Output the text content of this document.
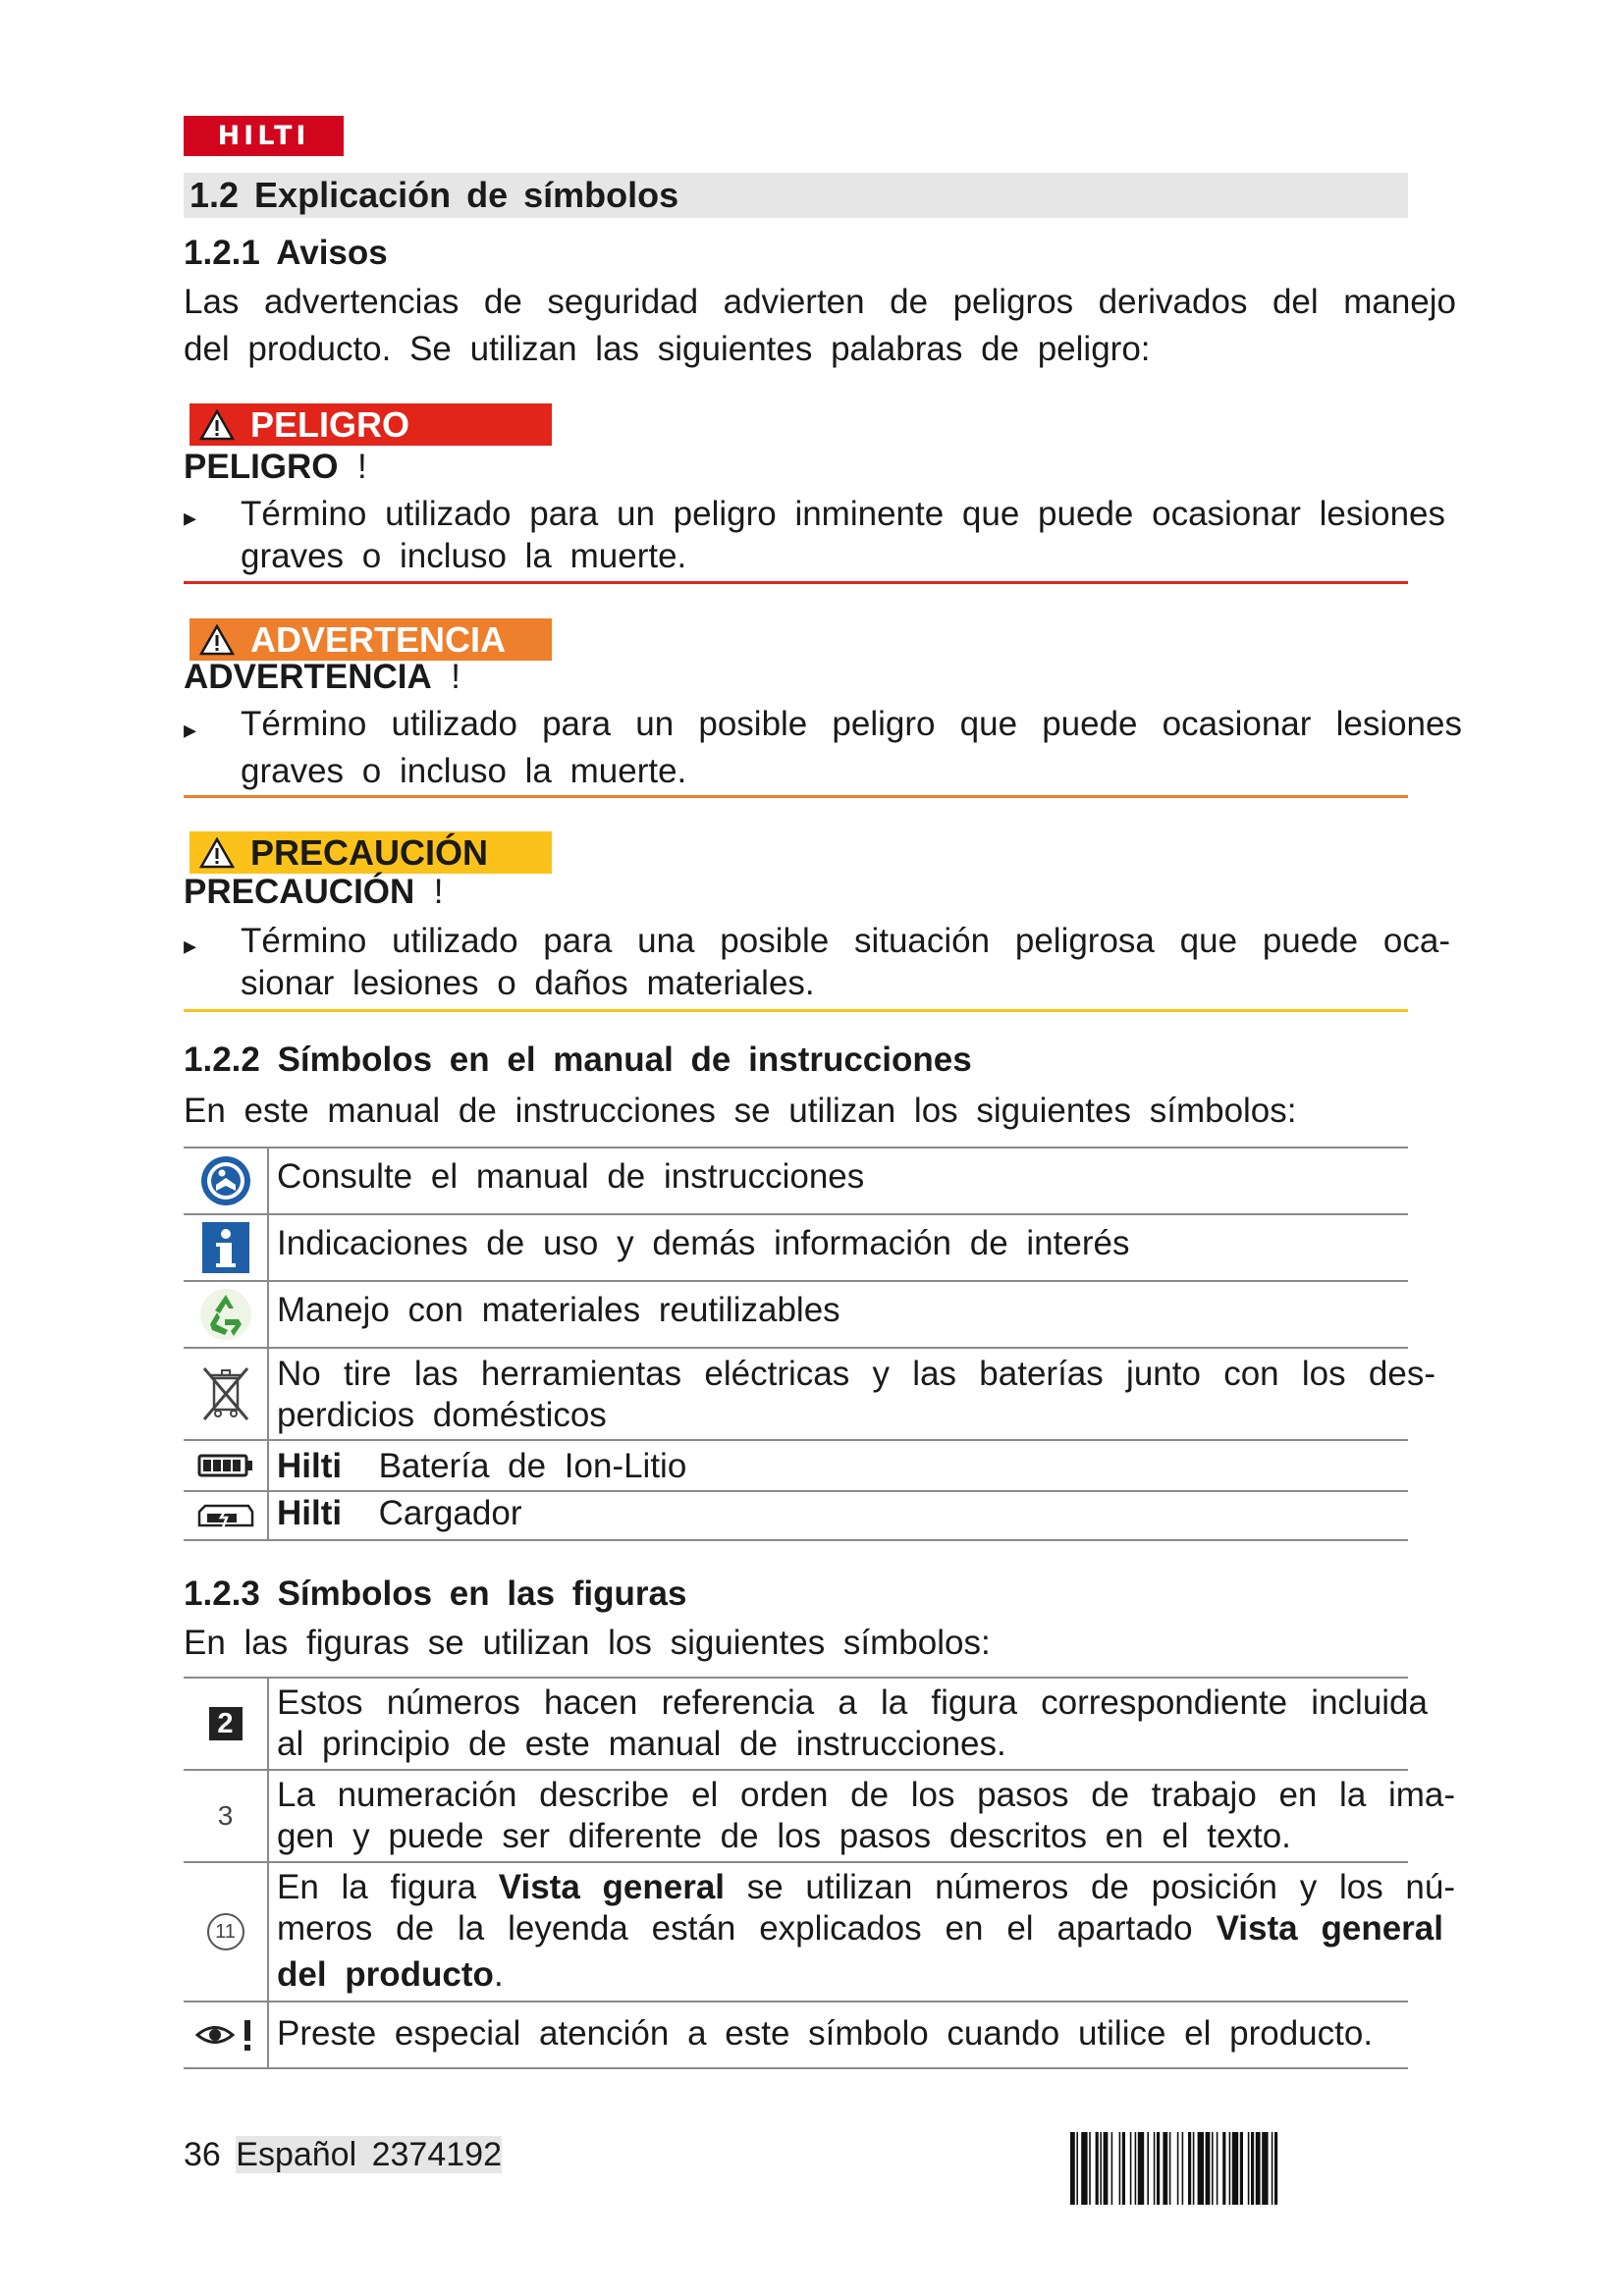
HILTI
1.2 Explicación de símbolos
1.2.1 Avisos
Las advertencias de seguridad advierten de peligros derivados del manejo
del producto. Se utilizan las siguientes palabras de peligro:
PELIGRO
PELIGRO !
▸ Término utilizado para un peligro inminente que puede ocasionar lesiones
graves o incluso la muerte.
ADVERTENCIA
ADVERTENCIA !
▸ Término utilizado para un posible peligro que puede ocasionar lesiones
graves o incluso la muerte.
PRECAUCIÓN
PRECAUCIÓN !
▸ Término utilizado para una posible situación peligrosa que puede oca-
sionar lesiones o daños materiales.
1.2.2 Símbolos en el manual de instrucciones
En este manual de instrucciones se utilizan los siguientes símbolos:
Consulte el manual de instrucciones
Indicaciones de uso y demás información de interés
Manejo con materiales reutilizables
No tire las herramientas eléctricas y las baterías junto con los des-
perdicios domésticos
Hilti Batería de Ion-Litio
Hilti Cargador
1.2.3 Símbolos en las figuras
En las figuras se utilizan los siguientes símbolos:
2
Estos números hacen referencia a la figura correspondiente incluida
al principio de este manual de instrucciones.
3
La numeración describe el orden de los pasos de trabajo en la ima-
gen y puede ser diferente de los pasos descritos en el texto.
11
En la figura Vista general se utilizan números de posición y los nú-
meros de la leyenda están explicados en el apartado Vista general
del producto.
Preste especial atención a este símbolo cuando utilice el producto.
36 Español 2374192
